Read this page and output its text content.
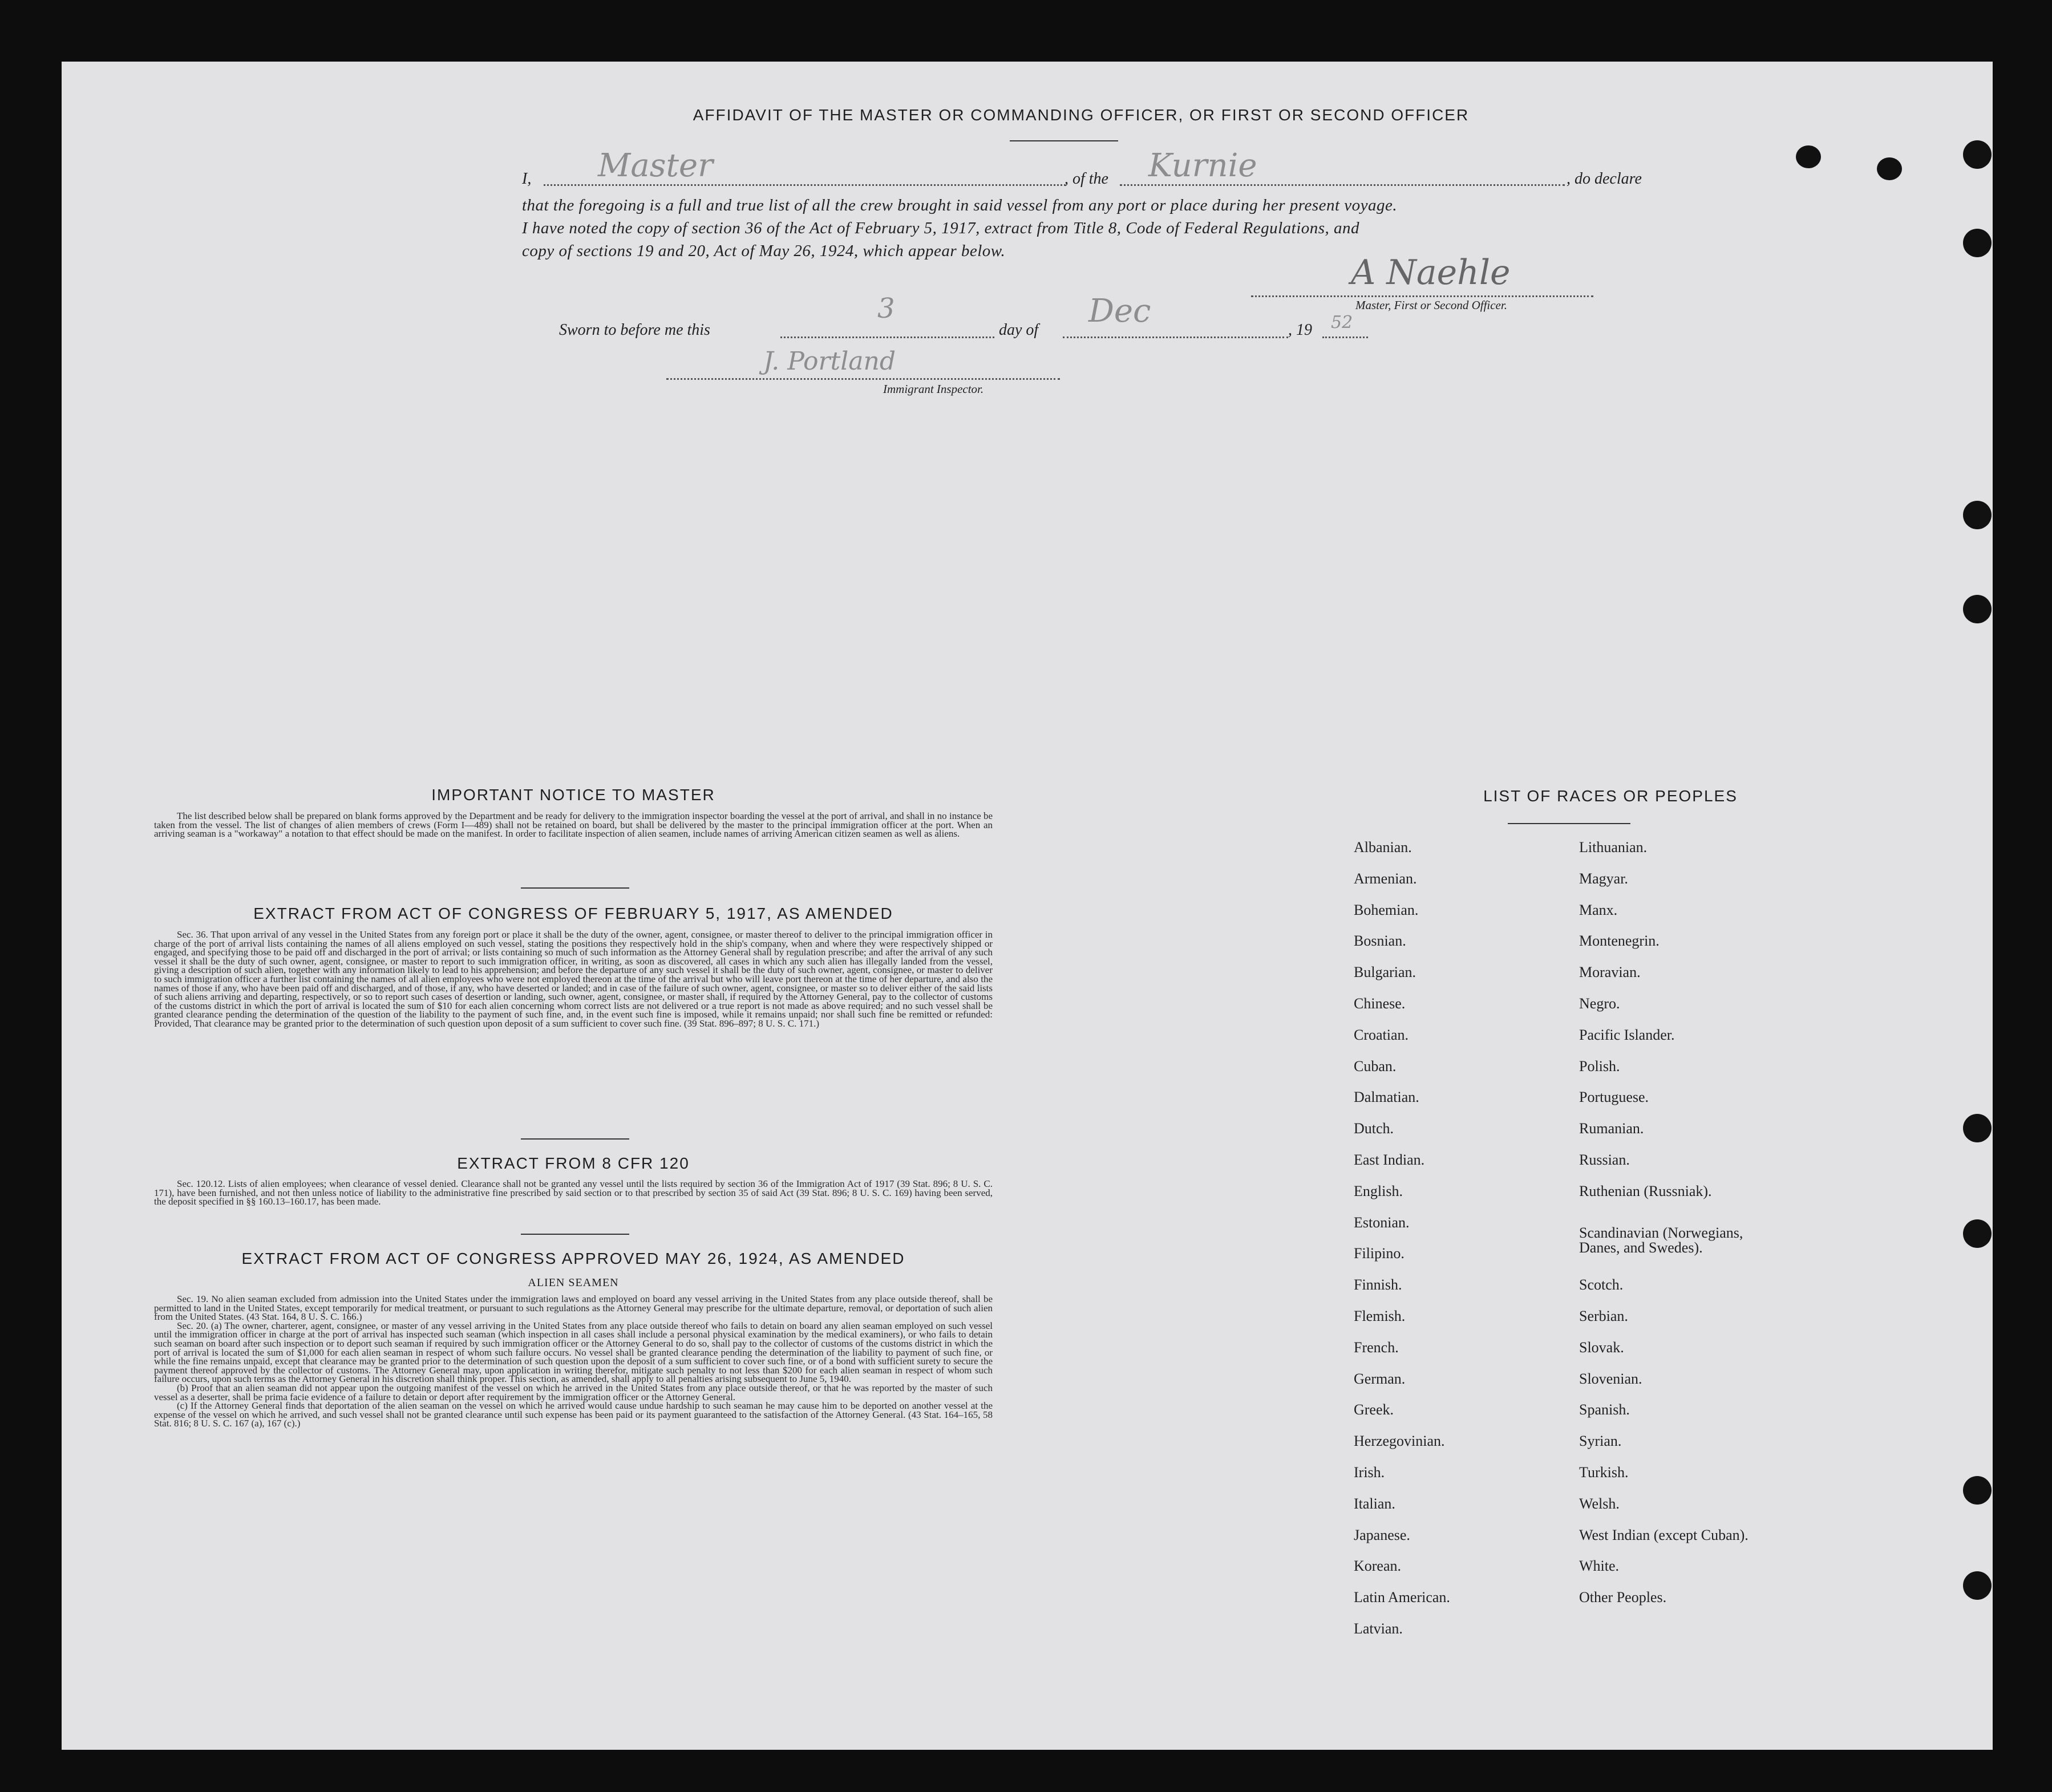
AFFIDAVIT OF THE MASTER OR COMMANDING OFFICER, OR FIRST OR SECOND OFFICER
I, Master	, of the Kurnie	, do declare
that the foregoing is a full and true list of all the crew brought in said vessel from any port or place during her present voyage.
I have noted the copy of section 36 of the Act of February 5, 1917, extract from Title 8, Code of Federal Regulations, and
copy of sections 19 and 20, Act of May 26, 1924, which appear below.
A Naehle
Master, First or Second Officer.
Sworn to before me this
3
day of
Dec
, 19 52
J. Portland
Immigrant Inspector.
IMPORTANT NOTICE TO MASTER

The list described below shall be prepared on blank forms approved by the Department and be ready for delivery to the immigration inspector boarding the vessel at the port of arrival, and shall in no instance be taken from the vessel. The list of changes of alien members of crews (Form I—489) shall not be retained on board, but shall be delivered by the master to the principal immigration officer at the port. When an arriving seaman is a "workaway" a notation to that effect should be made on the manifest. In order to facilitate inspection of alien seamen, include names of arriving American citizen seamen as well as aliens.

EXTRACT FROM ACT OF CONGRESS OF FEBRUARY 5, 1917, AS AMENDED

Sec. 36. That upon arrival of any vessel in the United States from any foreign port or place it shall be the duty of the owner, agent, consignee, or master thereof to deliver to the principal immigration officer in charge of the port of arrival lists containing the names of all aliens employed on such vessel, stating the positions they respectively hold in the ship's company, when and where they were respectively shipped or engaged, and specifying those to be paid off and discharged in the port of arrival; or lists containing so much of such information as the Attorney General shall by regulation prescribe; and after the arrival of any such vessel it shall be the duty of such owner, agent, consignee, or master to report to such immigration officer, in writing, as soon as discovered, all cases in which any such alien has illegally landed from the vessel, giving a description of such alien, together with any information likely to lead to his apprehension; and before the departure of any such vessel it shall be the duty of such owner, agent, consignee, or master to deliver to such immigration officer a further list containing the names of all alien employees who were not employed thereon at the time of the arrival but who will leave port thereon at the time of her departure, and also the names of those if any, who have been paid off and discharged, and of those, if any, who have deserted or landed; and in case of the failure of such owner, agent, consignee, or master so to deliver either of the said lists of such aliens arriving and departing, respectively, or so to report such cases of desertion or landing, such owner, agent, consignee, or master shall, if required by the Attorney General, pay to the collector of customs of the customs district in which the port of arrival is located the sum of $10 for each alien concerning whom correct lists are not delivered or a true report is not made as above required; and no such vessel shall be granted clearance pending the determination of the question of the liability to the payment of such fine, and, in the event such fine is imposed, while it remains unpaid; nor shall such fine be remitted or refunded: Provided, That clearance may be granted prior to the determination of such question upon deposit of a sum sufficient to cover such fine. (39 Stat. 896–897; 8 U. S. C. 171.)

EXTRACT FROM 8 CFR 120

Sec. 120.12. Lists of alien employees; when clearance of vessel denied. Clearance shall not be granted any vessel until the lists required by section 36 of the Immigration Act of 1917 (39 Stat. 896; 8 U. S. C. 171), have been furnished, and not then unless notice of liability to the administrative fine prescribed by said section or to that prescribed by section 35 of said Act (39 Stat. 896; 8 U. S. C. 169) having been served, the deposit specified in §§ 160.13–160.17, has been made.

EXTRACT FROM ACT OF CONGRESS APPROVED MAY 26, 1924, AS AMENDED
ALIEN SEAMEN

Sec. 19. No alien seaman excluded from admission into the United States under the immigration laws and employed on board any vessel arriving in the United States from any place outside thereof, shall be permitted to land in the United States, except temporarily for medical treatment, or pursuant to such regulations as the Attorney General may prescribe for the ultimate departure, removal, or deportation of such alien from the United States. (43 Stat. 164, 8 U. S. C. 166.)

Sec. 20. (a) The owner, charterer, agent, consignee, or master of any vessel arriving in the United States from any place outside thereof who fails to detain on board any alien seaman employed on such vessel until the immigration officer in charge at the port of arrival has inspected such seaman (which inspection in all cases shall include a personal physical examination by the medical examiners), or who fails to detain such seaman on board after such inspection or to deport such seaman if required by such immigration officer or the Attorney General to do so, shall pay to the collector of customs of the customs district in which the port of arrival is located the sum of $1,000 for each alien seaman in respect of whom such failure occurs. No vessel shall be granted clearance pending the determination of the liability to payment of such fine, or while the fine remains unpaid, except that clearance may be granted prior to the determination of such question upon the deposit of a sum sufficient to cover such fine, or of a bond with sufficient surety to secure the payment thereof approved by the collector of customs. The Attorney General may, upon application in writing therefor, mitigate such penalty to not less than $200 for each alien seaman in respect of whom such failure occurs, upon such terms as the Attorney General in his discretion shall think proper. This section, as amended, shall apply to all penalties arising subsequent to June 5, 1940.

(b) Proof that an alien seaman did not appear upon the outgoing manifest of the vessel on which he arrived in the United States from any place outside thereof, or that he was reported by the master of such vessel as a deserter, shall be prima facie evidence of a failure to detain or deport after requirement by the immigration officer or the Attorney General.

(c) If the Attorney General finds that deportation of the alien seaman on the vessel on which he arrived would cause undue hardship to such seaman he may cause him to be deported on another vessel at the expense of the vessel on which he arrived, and such vessel shall not be granted clearance until such expense has been paid or its payment guaranteed to the satisfaction of the Attorney General. (43 Stat. 164–165, 58 Stat. 816; 8 U. S. C. 167 (a), 167 (c).)

LIST OF RACES OR PEOPLES
Albanian.
Armenian.
Bohemian.
Bosnian.
Bulgarian.
Chinese.
Croatian.
Cuban.
Dalmatian.
Dutch.
East Indian.
English.
Estonian.
Filipino.
Finnish.
Flemish.
French.
German.
Greek.
Herzegovinian.
Irish.
Italian.
Japanese.
Korean.
Latin American.
Latvian.
Lithuanian.
Magyar.
Manx.
Montenegrin.
Moravian.
Negro.
Pacific Islander.
Polish.
Portuguese.
Rumanian.
Russian.
Ruthenian (Russniak).
Scandinavian (Norwegians, Danes, and Swedes).
Scotch.
Serbian.
Slovak.
Slovenian.
Spanish.
Syrian.
Turkish.
Welsh.
West Indian (except Cuban).
White.
Other Peoples.
